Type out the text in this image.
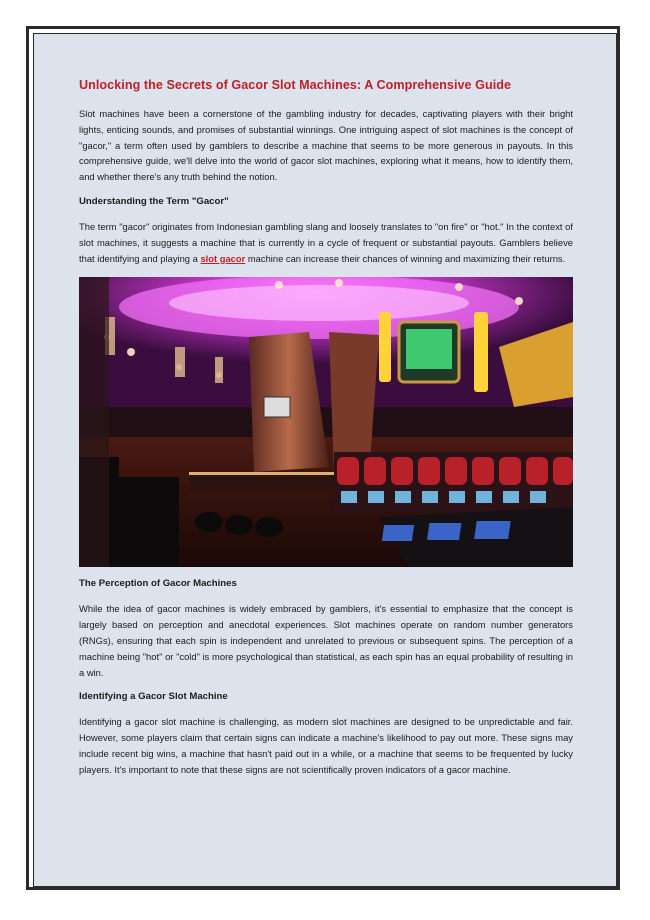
Unlocking the Secrets of Gacor Slot Machines: A Comprehensive Guide

Slot machines have been a cornerstone of the gambling industry for decades, captivating players with their bright lights, enticing sounds, and promises of substantial winnings. One intriguing aspect of slot machines is the concept of "gacor," a term often used by gamblers to describe a machine that seems to be more generous in payouts. In this comprehensive guide, we'll delve into the world of gacor slot machines, exploring what it means, how to identify them, and whether there's any truth behind the notion.

Understanding the Term "Gacor"

The term "gacor" originates from Indonesian gambling slang and loosely translates to "on fire" or "hot." In the context of slot machines, it suggests a machine that is currently in a cycle of frequent or substantial payouts. Gamblers believe that identifying and playing a slot gacor machine can increase their chances of winning and maximizing their returns.

The Perception of Gacor Machines

While the idea of gacor machines is widely embraced by gamblers, it's essential to emphasize that the concept is largely based on perception and anecdotal experiences. Slot machines operate on random number generators (RNGs), ensuring that each spin is independent and unrelated to previous or subsequent spins. The perception of a machine being "hot" or "cold" is more psychological than statistical, as each spin has an equal probability of resulting in a win.

Identifying a Gacor Slot Machine

Identifying a gacor slot machine is challenging, as modern slot machines are designed to be unpredictable and fair. However, some players claim that certain signs can indicate a machine's likelihood to pay out more. These signs may include recent big wins, a machine that hasn't paid out in a while, or a machine that seems to be frequented by lucky players. It's important to note that these signs are not scientifically proven indicators of a gacor machine.
